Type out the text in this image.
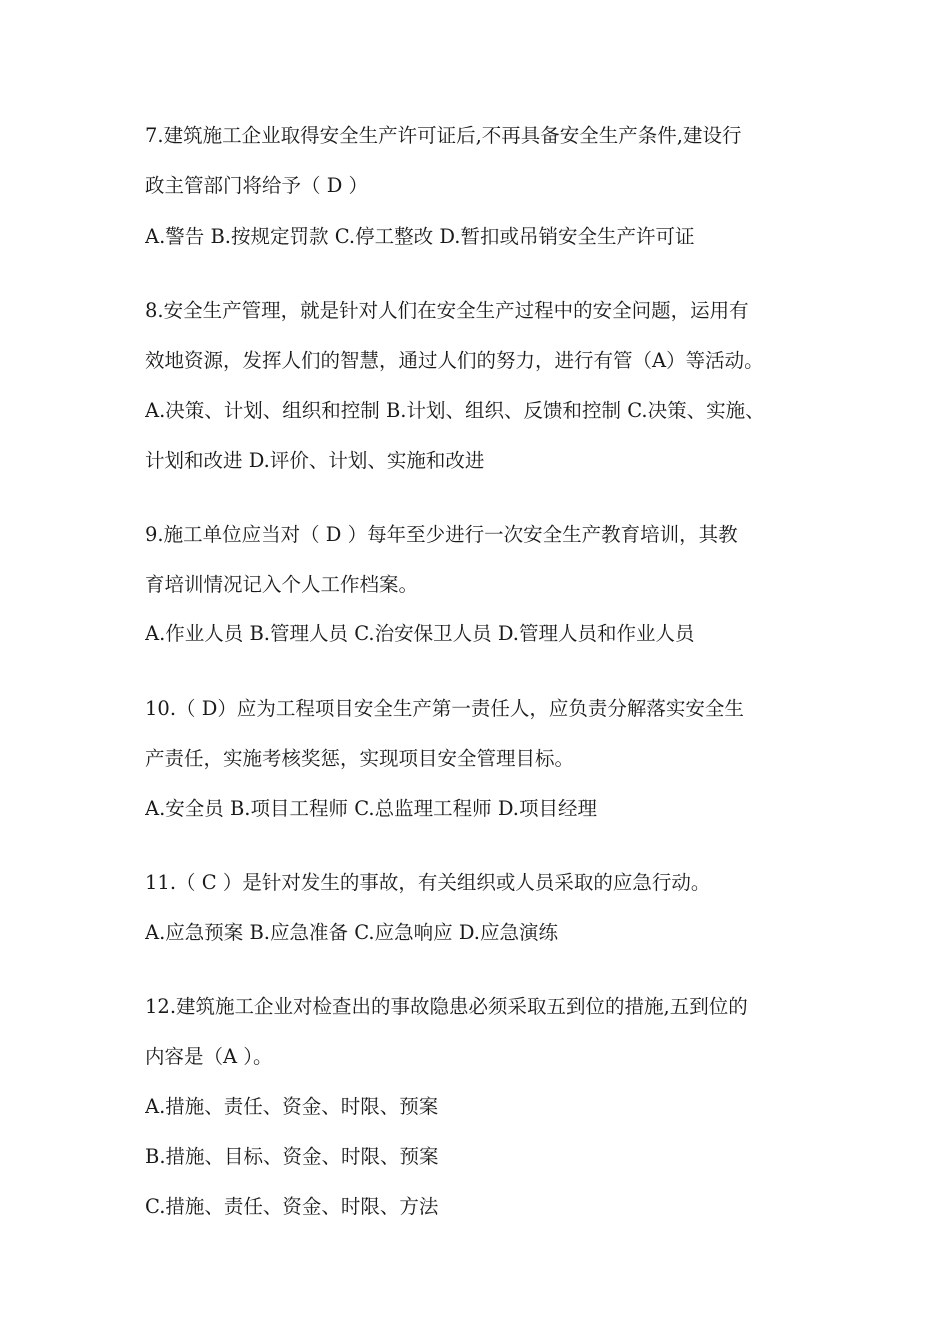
7.建筑施工企业取得安全生产许可证后,不再具备安全生产条件,建设行
政主管部门将给予（ D ）
A.警告 B.按规定罚款 C.停工整改 D.暂扣或吊销安全生产许可证
8.安全生产管理，就是针对人们在安全生产过程中的安全问题，运用有
效地资源，发挥人们的智慧，通过人们的努力，进行有管（A）等活动。
A.决策、计划、组织和控制 B.计划、组织、反馈和控制 C.决策、实施、
计划和改进 D.评价、计划、实施和改进
9.施工单位应当对（ D ）每年至少进行一次安全生产教育培训，其教
育培训情况记入个人工作档案。
A.作业人员 B.管理人员 C.治安保卫人员 D.管理人员和作业人员
10.（ D）应为工程项目安全生产第一责任人，应负责分解落实安全生
产责任，实施考核奖惩，实现项目安全管理目标。
A.安全员 B.项目工程师 C.总监理工程师 D.项目经理
11.（ C ）是针对发生的事故，有关组织或人员采取的应急行动。
A.应急预案 B.应急准备 C.应急响应 D.应急演练
12.建筑施工企业对检查出的事故隐患必须采取五到位的措施,五到位的
内容是（A ）。
A.措施、责任、资金、时限、预案
B.措施、目标、资金、时限、预案
C.措施、责任、资金、时限、方法
